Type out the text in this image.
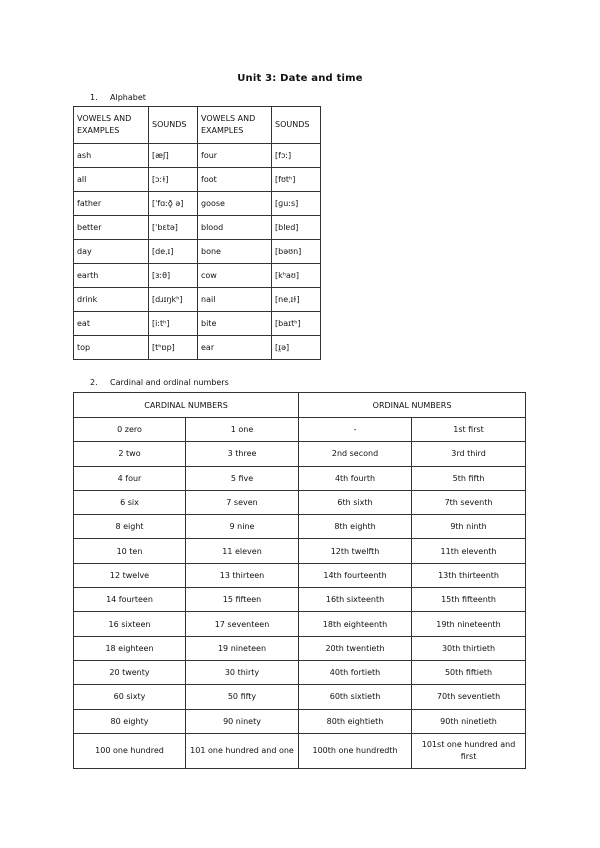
Unit 3: Date and time
1. Alphabet
VOWELS AND EXAMPLES	SOUNDS	VOWELS AND EXAMPLES	SOUNDS
ash	[æʃ]	four	[fɔː]
all	[ɔːɫ]	foot	[fʊtʰ]
father	[ˈfɑːð̞ ə]	goose	[ɡuːs]
better	[ˈbɛtə]	blood	[blɐd]
day	[deˌɪ]	bone	[bəʊn]
earth	[ɜːθ]	cow	[kʰaʊ]
drink	[dɹɪŋkʰ]	nail	[neˌɪɫ]
eat	[iːtʰ]	bite	[baɪtʰ]
top	[tʰɒp]	ear	[ɪ̯ə]
2. Cardinal and ordinal numbers
CARDINAL NUMBERS		ORDINAL NUMBERS	
0 zero	1 one	-	1st first
2 two	3 three	2nd second	3rd third
4 four	5 five	4th fourth	5th fifth
6 six	7 seven	6th sixth	7th seventh
8 eight	9 nine	8th eighth	9th ninth
10 ten	11 eleven	12th twelfth	11th eleventh
12 twelve	13 thirteen	14th fourteenth	13th thirteenth
14 fourteen	15 fifteen	16th sixteenth	15th fifteenth
16 sixteen	17 seventeen	18th eighteenth	19th nineteenth
18 eighteen	19 nineteen	20th twentieth	30th thirtieth
20 twenty	30 thirty	40th fortieth	50th fiftieth
60 sixty	50 fifty	60th sixtieth	70th seventieth
80 eighty	90 ninety	80th eightieth	90th ninetieth
100 one hundred	101 one hundred and one	100th one hundredth	101st one hundred and first
